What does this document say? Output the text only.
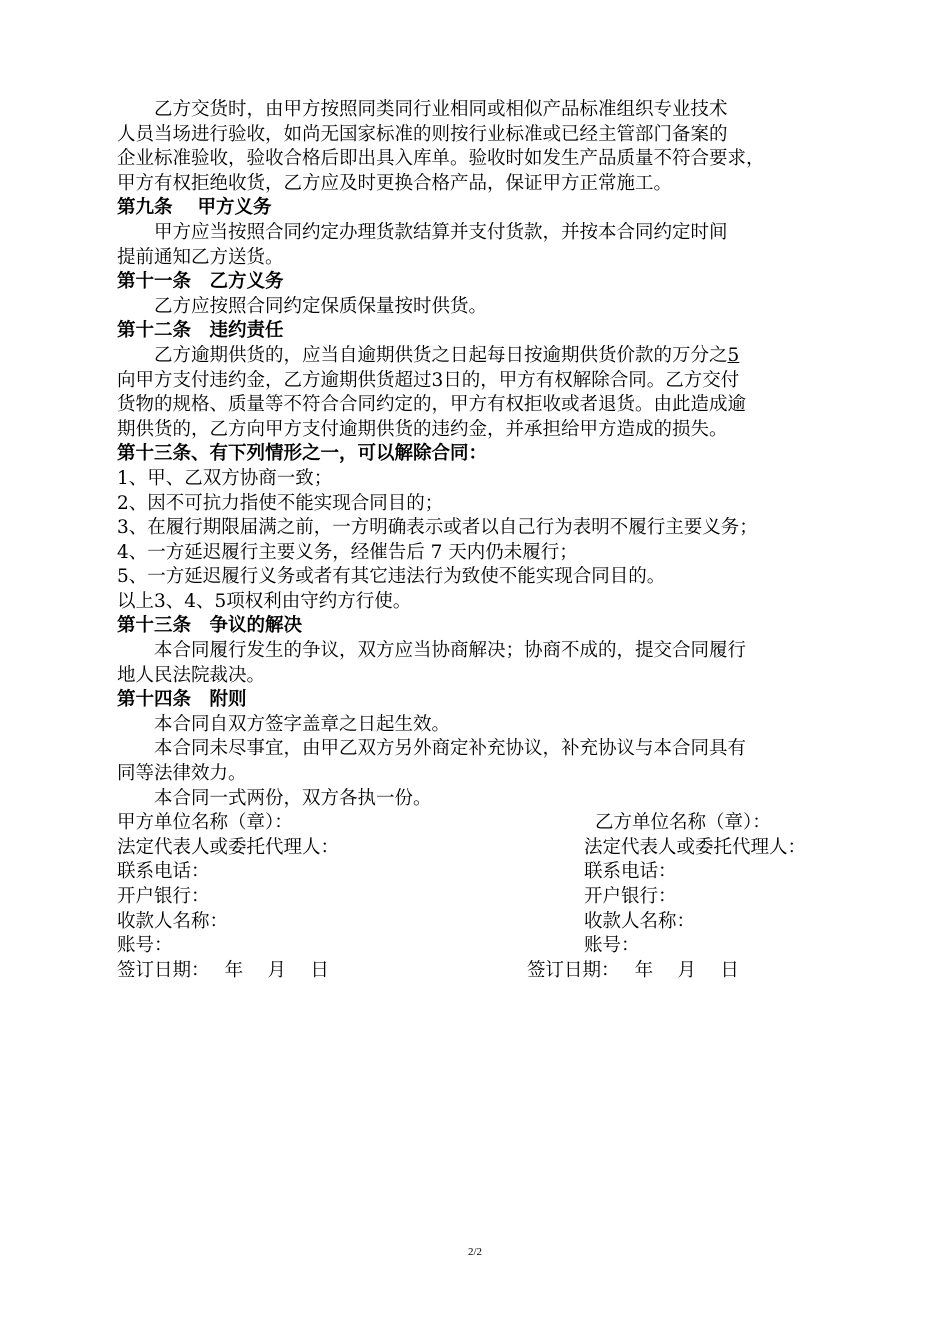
乙方交货时，由甲方按照同类同行业相同或相似产品标准组织专业技术

人员当场进行验收，如尚无国家标准的则按行业标准或已经主管部门备案的

企业标准验收，验收合格后即出具入库单。验收时如发生产品质量不符合要求，

甲方有权拒绝收货，乙方应及时更换合格产品，保证甲方正常施工。

第九条　 甲方义务

甲方应当按照合同约定办理货款结算并支付货款，并按本合同约定时间

提前通知乙方送货。

第十一条　乙方义务

乙方应按照合同约定保质保量按时供货。

第十二条　违约责任

乙方逾期供货的，应当自逾期供货之日起每日按逾期供货价款的万分之5

向甲方支付违约金，乙方逾期供货超过3日的，甲方有权解除合同。乙方交付

货物的规格、质量等不符合合同约定的，甲方有权拒收或者退货。由此造成逾

期供货的，乙方向甲方支付逾期供货的违约金，并承担给甲方造成的损失。

第十三条、有下列情形之一，可以解除合同：

1、甲、乙双方协商一致；

2、因不可抗力指使不能实现合同目的；

3、在履行期限届满之前，一方明确表示或者以自己行为表明不履行主要义务；

4、一方延迟履行主要义务，经催告后 7 天内仍未履行；

5、一方延迟履行义务或者有其它违法行为致使不能实现合同目的。

以上3、4、5项权利由守约方行使。

第十三条　争议的解决

本合同履行发生的争议，双方应当协商解决；协商不成的，提交合同履行

地人民法院裁决。

第十四条　附则

本合同自双方签字盖章之日起生效。

本合同未尽事宜，由甲乙双方另外商定补充协议，补充协议与本合同具有

同等法律效力。

本合同一式两份，双方各执一份。

甲方单位名称（章）：	乙方单位名称（章）：
法定代表人或委托代理人：	法定代表人或委托代理人：
联系电话：	联系电话：
开户银行：	开户银行：
收款人名称：	收款人名称：
账号：	账号：
签订日期：　 年　 月　 日	签订日期：　 年　 月　 日
2/2
